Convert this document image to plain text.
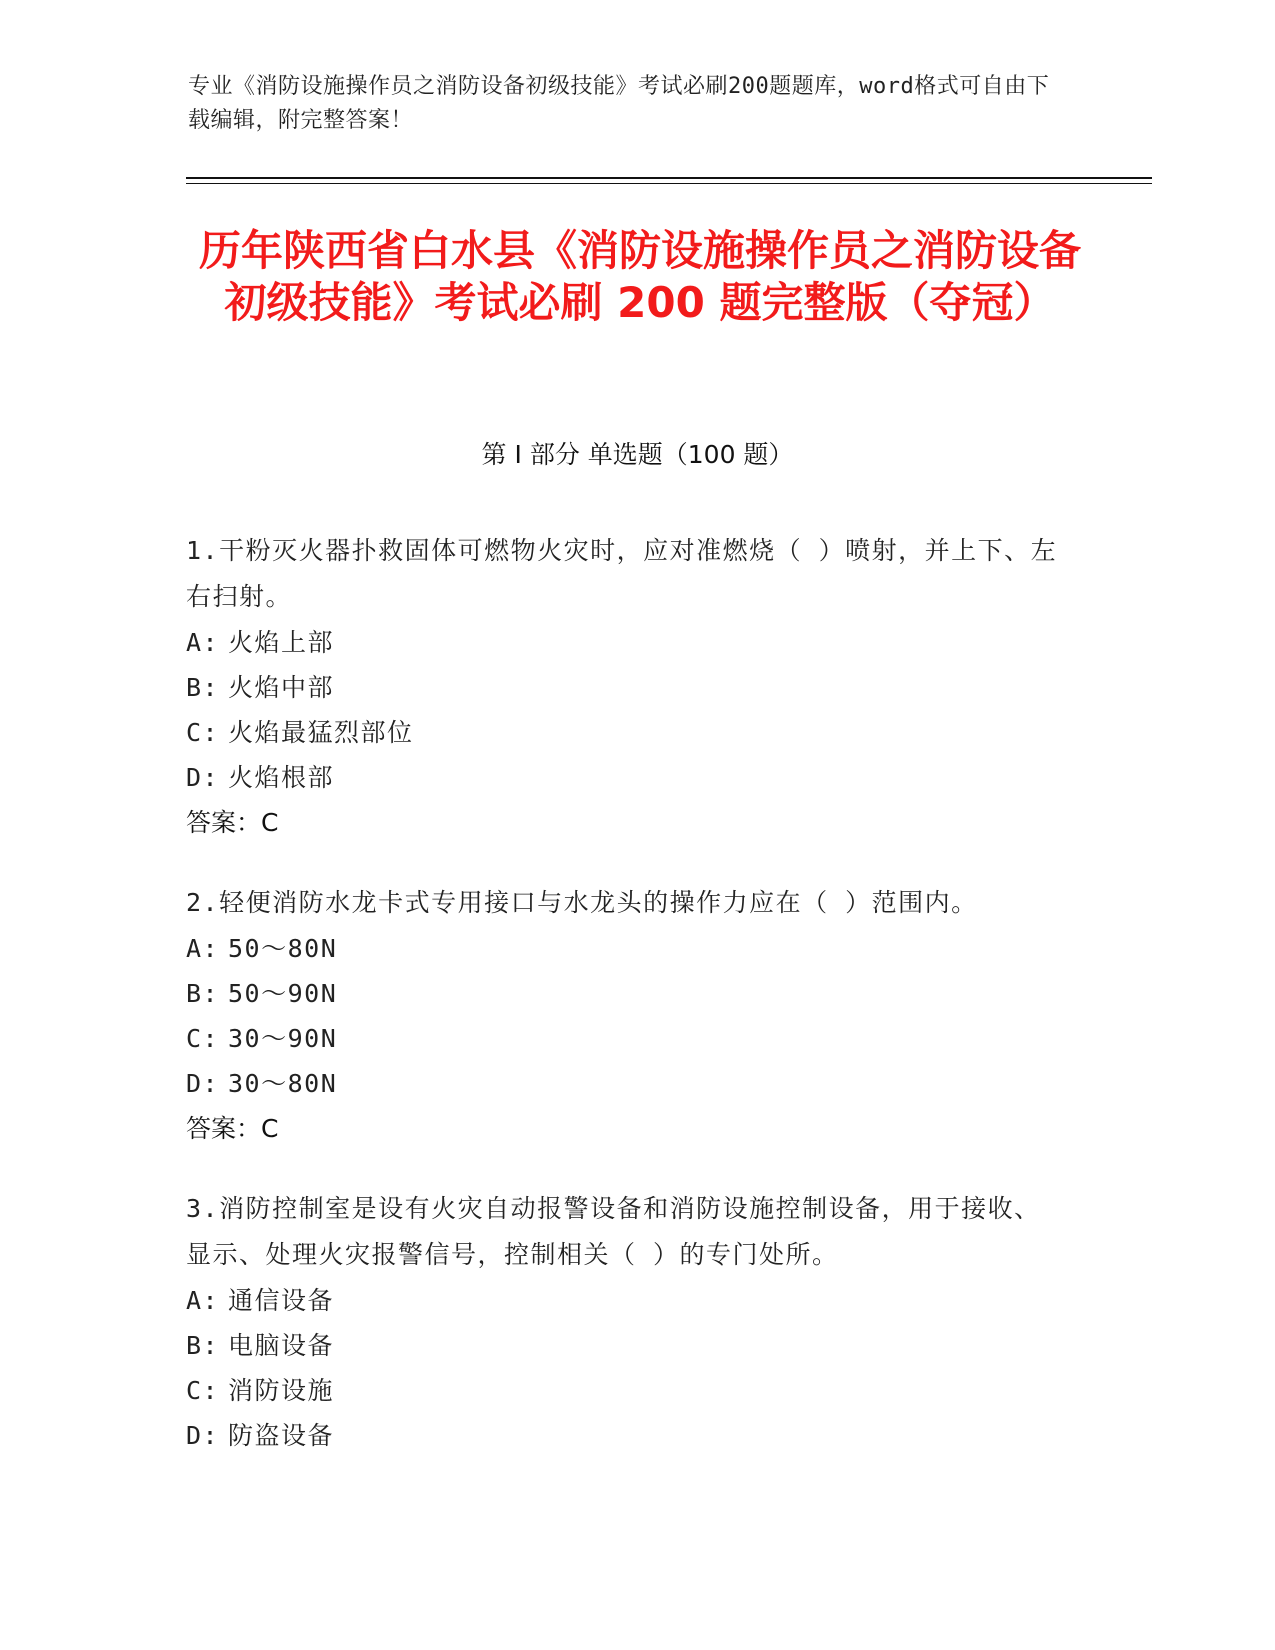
专业《消防设施操作员之消防设备初级技能》考试必刷200题题库，word格式可自由下载编辑，附完整答案！
历年陕西省白水县《消防设施操作员之消防设备初级技能》考试必刷 200 题完整版（夺冠）
第 I 部分 单选题（100 题）

1.干粉灭火器扑救固体可燃物火灾时，应对准燃烧（ ）喷射，并上下、左右扫射。

A: 火焰上部

B: 火焰中部

C: 火焰最猛烈部位

D: 火焰根部

答案：C

2.轻便消防水龙卡式专用接口与水龙头的操作力应在（ ）范围内。

A: 50～80N

B: 50～90N

C: 30～90N

D: 30～80N

答案：C

3.消防控制室是设有火灾自动报警设备和消防设施控制设备，用于接收、显示、处理火灾报警信号，控制相关（ ）的专门处所。

A: 通信设备

B: 电脑设备

C: 消防设施

D: 防盗设备
